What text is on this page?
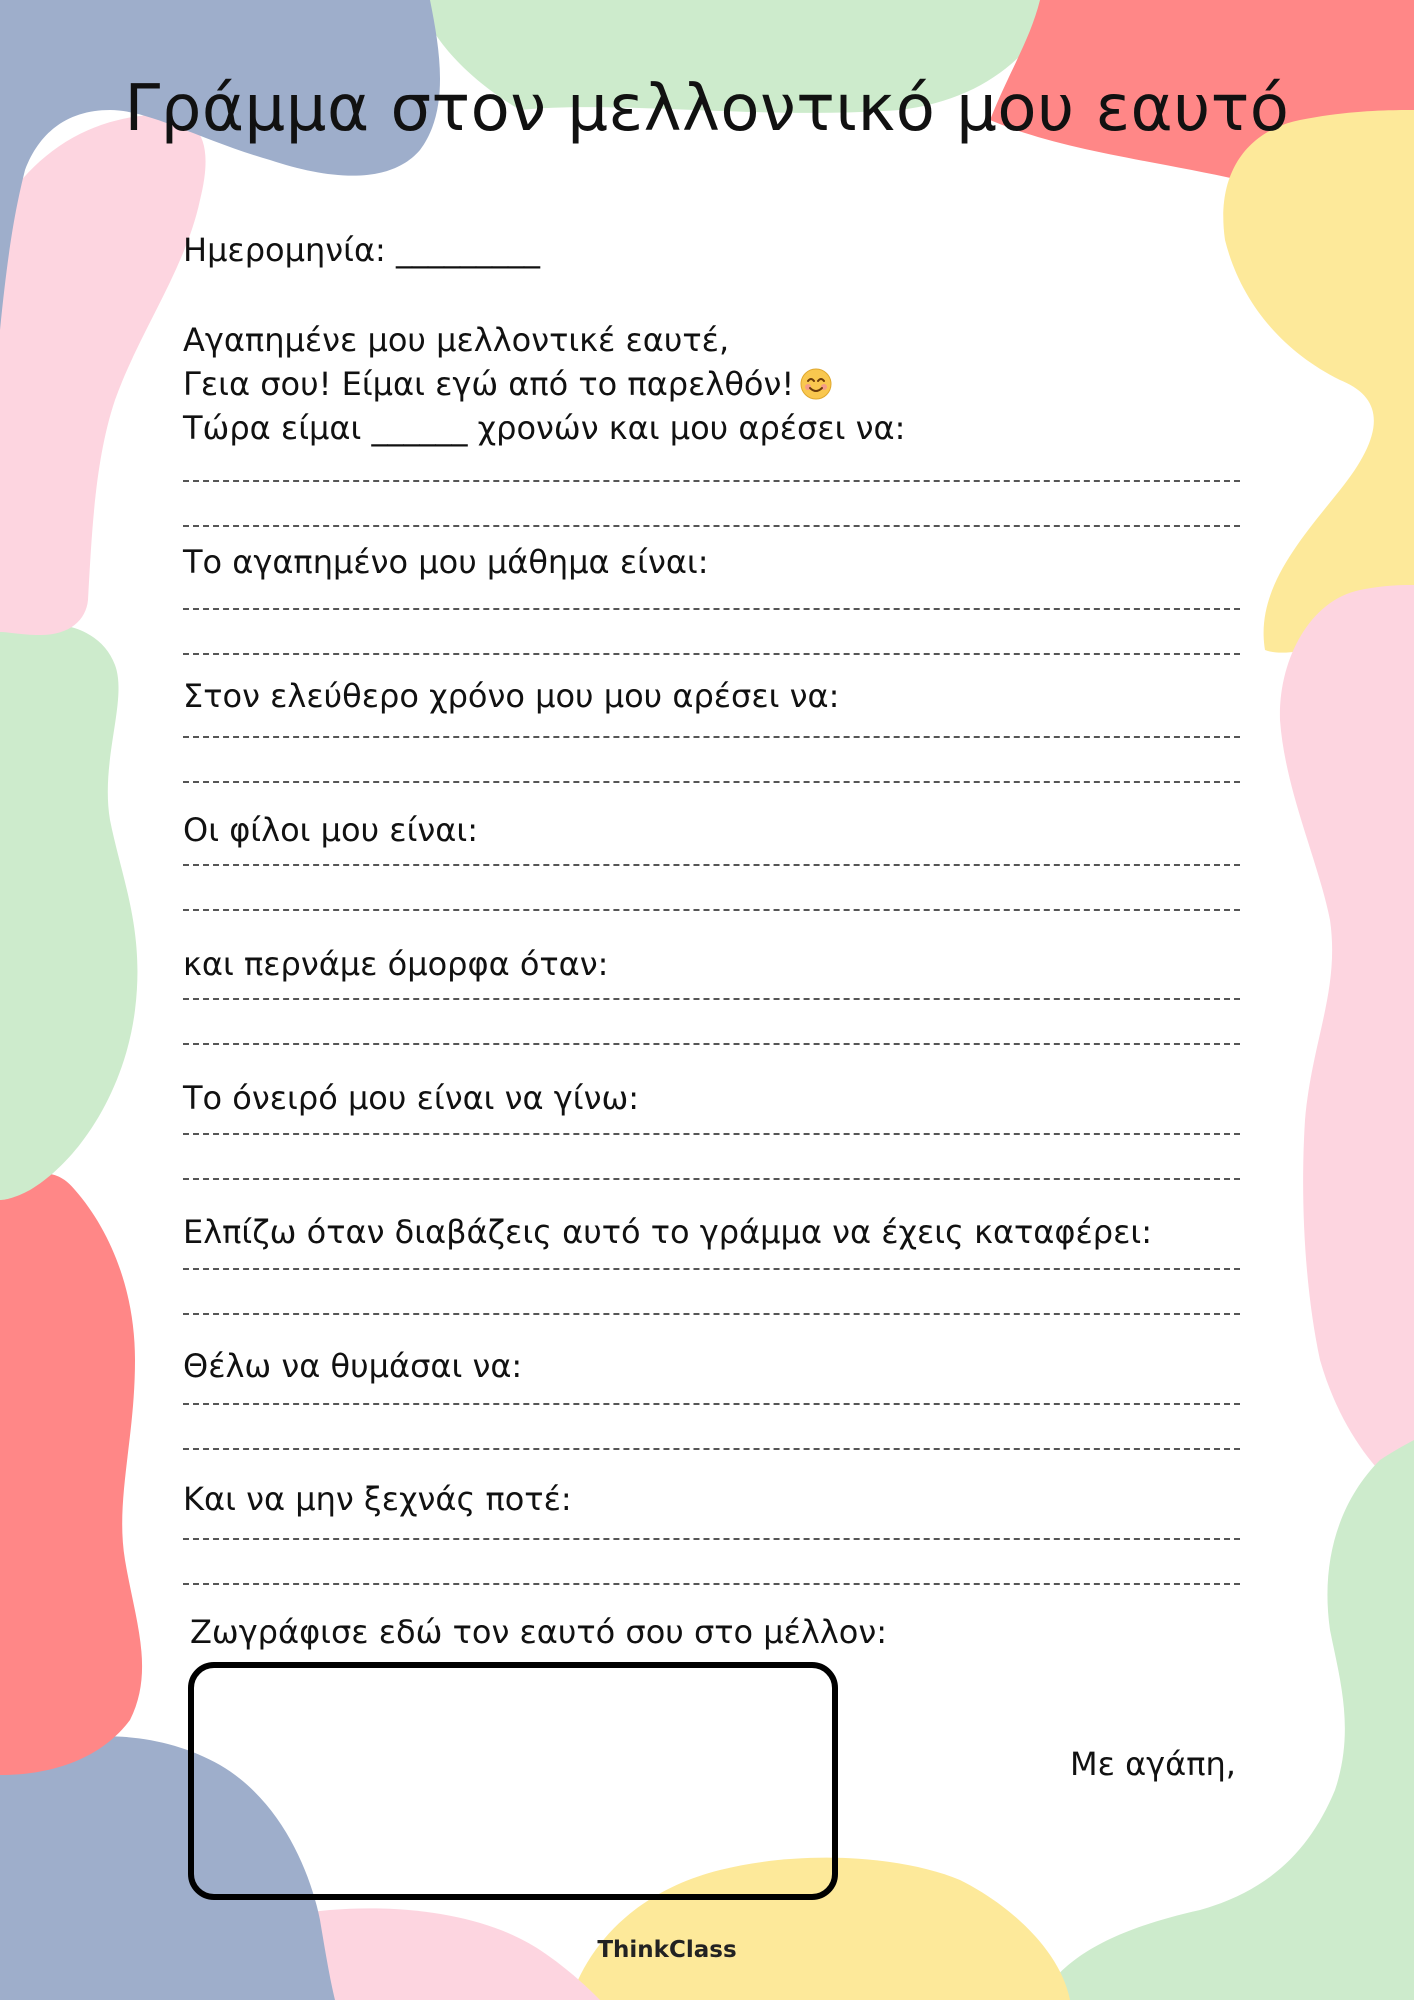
Γράμμα στον μελλοντικό μου εαυτό

Ημερομηνία: _________

Αγαπημένε μου μελλοντικέ εαυτέ,

Γεια σου! Είμαι εγώ από το παρελθόν!

Τώρα είμαι ______ χρονών και μου αρέσει να:

Το αγαπημένο μου μάθημα είναι:

Στον ελεύθερο χρόνο μου μου αρέσει να:

Οι φίλοι μου είναι:

και περνάμε όμορφα όταν:

Το όνειρό μου είναι να γίνω:

Ελπίζω όταν διαβάζεις αυτό το γράμμα να έχεις καταφέρει:

Θέλω να θυμάσαι να:

Και να μην ξεχνάς ποτέ:

Ζωγράφισε εδώ τον εαυτό σου στο μέλλον:

Με αγάπη,
ThinkClass
